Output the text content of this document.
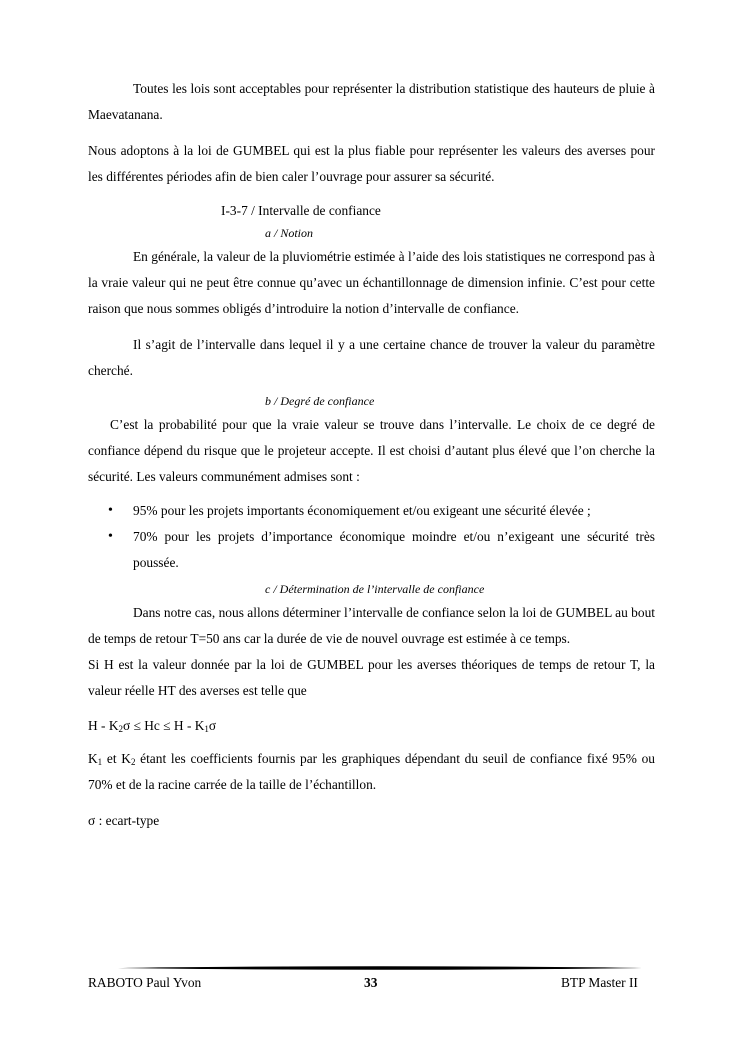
Toutes les lois sont acceptables pour représenter la distribution statistique des hauteurs de pluie à Maevatanana.

Nous adoptons à la loi de GUMBEL qui est la plus fiable pour représenter les valeurs des averses pour les différentes périodes afin de bien caler l’ouvrage pour assurer sa sécurité.

I-3-7 / Intervalle de confiance

a / Notion

En générale, la valeur de la pluviométrie estimée à l’aide des lois statistiques ne correspond pas à la vraie valeur qui ne peut être connue qu’avec un échantillonnage de dimension infinie. C’est pour cette raison que nous sommes obligés d’introduire la notion d’intervalle de confiance.

Il s’agit de l’intervalle dans lequel il y a une certaine chance de trouver la valeur du paramètre cherché.

b / Degré de confiance

C’est la probabilité pour que la vraie valeur se trouve dans l’intervalle. Le choix de ce degré de confiance dépend du risque que le projeteur accepte. Il est choisi d’autant plus élevé que l’on cherche la sécurité. Les valeurs communément admises sont :

• 95% pour les projets importants économiquement et/ou exigeant une sécurité élevée ;
• 70% pour les projets d’importance économique moindre et/ou n’exigeant une sécurité très poussée.

c / Détermination de l’intervalle de confiance

Dans notre cas, nous allons déterminer l’intervalle de confiance selon la loi de GUMBEL au bout de temps de retour T=50 ans car la durée de vie de nouvel ouvrage est estimée à ce temps.

Si H est la valeur donnée par la loi de GUMBEL pour les averses théoriques de temps de retour T, la valeur réelle HT des averses est telle que

$H - K_2\sigma \le Hc \le H - K_1\sigma$

$K_1$ et $K_2$ étant les coefficients fournis par les graphiques dépendant du seuil de confiance fixé 95% ou 70% et de la racine carrée de la taille de l’échantillon.

σ : ecart-type

RABOTO Paul Yvon	33	BTP Master II
